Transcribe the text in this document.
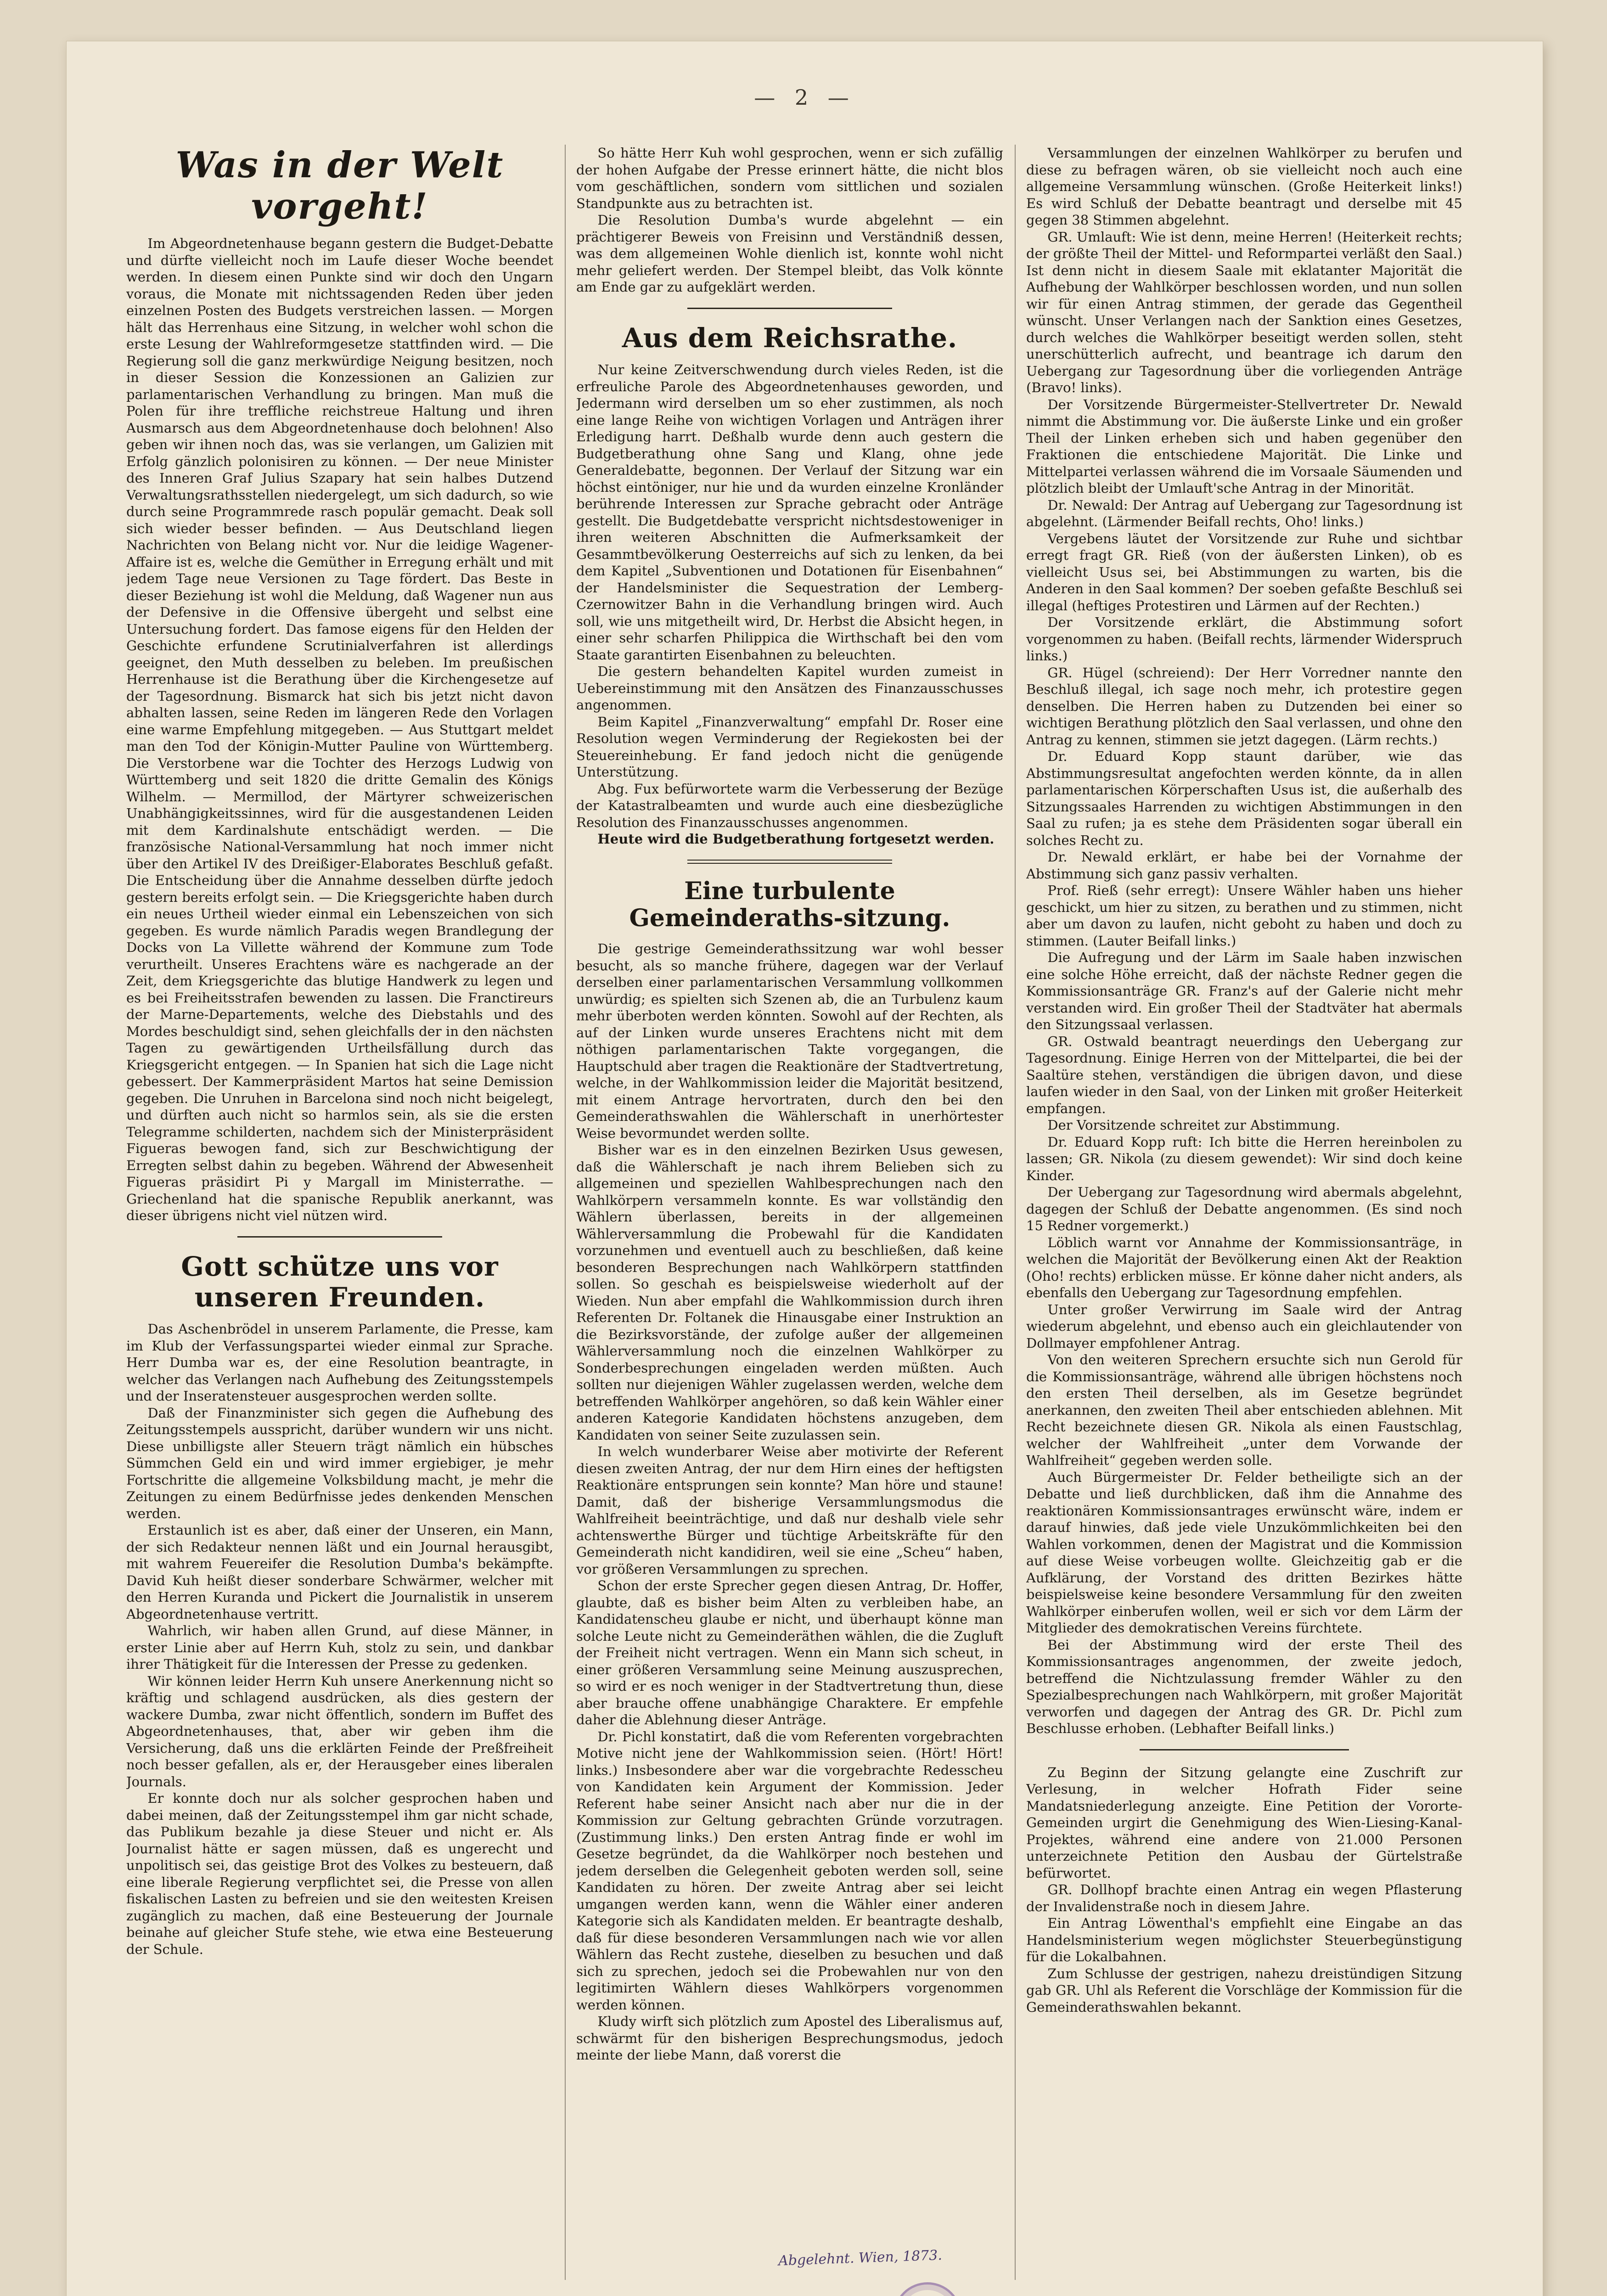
— 2 —
Was in der Welt vorgeht!

Im Abgeordnetenhause begann gestern die Budget-Debatte und dürfte vielleicht noch im Laufe dieser Woche beendet werden. In diesem einen Punkte sind wir doch den Ungarn voraus, die Monate mit nichtssagenden Reden über jeden einzelnen Posten des Budgets verstreichen lassen. — Morgen hält das Herrenhaus eine Sitzung, in welcher wohl schon die erste Lesung der Wahlreformgesetze stattfinden wird. — Die Regierung soll die ganz merkwürdige Neigung besitzen, noch in dieser Session die Konzessionen an Galizien zur parlamentarischen Verhandlung zu bringen. Man muß die Polen für ihre treffliche reichstreue Haltung und ihren Ausmarsch aus dem Abgeordnetenhause doch belohnen! Also geben wir ihnen noch das, was sie verlangen, um Galizien mit Erfolg gänzlich polonisiren zu können. — Der neue Minister des Inneren Graf Julius Szapary hat sein halbes Dutzend Verwaltungsrathsstellen niedergelegt, um sich dadurch, so wie durch seine Programmrede rasch populär gemacht. Deak soll sich wieder besser befinden. — Aus Deutschland liegen Nachrichten von Belang nicht vor. Nur die leidige Wagener-Affaire ist es, welche die Gemüther in Erregung erhält und mit jedem Tage neue Versionen zu Tage fördert. Das Beste in dieser Beziehung ist wohl die Meldung, daß Wagener nun aus der Defensive in die Offensive übergeht und selbst eine Untersuchung fordert. Das famose eigens für den Helden der Geschichte erfundene Scrutinialverfahren ist allerdings geeignet, den Muth desselben zu beleben. Im preußischen Herrenhause ist die Berathung über die Kirchengesetze auf der Tagesordnung. Bismarck hat sich bis jetzt nicht davon abhalten lassen, seine Reden im längeren Rede den Vorlagen eine warme Empfehlung mitgegeben. — Aus Stuttgart meldet man den Tod der Königin-Mutter Pauline von Württemberg. Die Verstorbene war die Tochter des Herzogs Ludwig von Württemberg und seit 1820 die dritte Gemalin des Königs Wilhelm. — Mermillod, der Märtyrer schweizerischen Unabhängigkeitssinnes, wird für die ausgestandenen Leiden mit dem Kardinalshute entschädigt werden. — Die französische National-Versammlung hat noch immer nicht über den Artikel IV des Dreißiger-Elaborates Beschluß gefaßt. Die Entscheidung über die Annahme desselben dürfte jedoch gestern bereits erfolgt sein. — Die Kriegsgerichte haben durch ein neues Urtheil wieder einmal ein Lebenszeichen von sich gegeben. Es wurde nämlich Paradis wegen Brandlegung der Docks von La Villette während der Kommune zum Tode verurtheilt. Unseres Erachtens wäre es nachgerade an der Zeit, dem Kriegsgerichte das blutige Handwerk zu legen und es bei Freiheitsstrafen bewenden zu lassen. Die Franctireurs der Marne-Departements, welche des Diebstahls und des Mordes beschuldigt sind, sehen gleichfalls der in den nächsten Tagen zu gewärtigenden Urtheilsfällung durch das Kriegsgericht entgegen. — In Spanien hat sich die Lage nicht gebessert. Der Kammerpräsident Martos hat seine Demission gegeben. Die Unruhen in Barcelona sind noch nicht beigelegt, und dürften auch nicht so harmlos sein, als sie die ersten Telegramme schilderten, nachdem sich der Ministerpräsident Figueras bewogen fand, sich zur Beschwichtigung der Erregten selbst dahin zu begeben. Während der Abwesenheit Figueras präsidirt Pi y Margall im Ministerrathe. — Griechenland hat die spanische Republik anerkannt, was dieser übrigens nicht viel nützen wird.

Gott schütze uns vor unseren Freunden.

Das Aschenbrödel in unserem Parlamente, die Presse, kam im Klub der Verfassungspartei wieder einmal zur Sprache. Herr Dumba war es, der eine Resolution beantragte, in welcher das Verlangen nach Aufhebung des Zeitungsstempels und der Inseratensteuer ausgesprochen werden sollte.

Daß der Finanzminister sich gegen die Aufhebung des Zeitungsstempels ausspricht, darüber wundern wir uns nicht. Diese unbilligste aller Steuern trägt nämlich ein hübsches Sümmchen Geld ein und wird immer ergiebiger, je mehr Fortschritte die allgemeine Volksbildung macht, je mehr die Zeitungen zu einem Bedürfnisse jedes denkenden Menschen werden.

Erstaunlich ist es aber, daß einer der Unseren, ein Mann, der sich Redakteur nennen läßt und ein Journal herausgibt, mit wahrem Feuereifer die Resolution Dumba's bekämpfte. David Kuh heißt dieser sonderbare Schwärmer, welcher mit den Herren Kuranda und Pickert die Journalistik in unserem Abgeordnetenhause vertritt.

Wahrlich, wir haben allen Grund, auf diese Männer, in erster Linie aber auf Herrn Kuh, stolz zu sein, und dankbar ihrer Thätigkeit für die Interessen der Presse zu gedenken.

Wir können leider Herrn Kuh unsere Anerkennung nicht so kräftig und schlagend ausdrücken, als dies gestern der wackere Dumba, zwar nicht öffentlich, sondern im Buffet des Abgeordnetenhauses, that, aber wir geben ihm die Versicherung, daß uns die erklärten Feinde der Preßfreiheit noch besser gefallen, als er, der Herausgeber eines liberalen Journals.

Er konnte doch nur als solcher gesprochen haben und dabei meinen, daß der Zeitungsstempel ihm gar nicht schade, das Publikum bezahle ja diese Steuer und nicht er. Als Journalist hätte er sagen müssen, daß es ungerecht und unpolitisch sei, das geistige Brot des Volkes zu besteuern, daß eine liberale Regierung verpflichtet sei, die Presse von allen fiskalischen Lasten zu befreien und sie den weitesten Kreisen zugänglich zu machen, daß eine Besteuerung der Journale beinahe auf gleicher Stufe stehe, wie etwa eine Besteuerung der Schule.

So hätte Herr Kuh wohl gesprochen, wenn er sich zufällig der hohen Aufgabe der Presse erinnert hätte, die nicht blos vom geschäftlichen, sondern vom sittlichen und sozialen Standpunkte aus zu betrachten ist.

Die Resolution Dumba's wurde abgelehnt — ein prächtigerer Beweis von Freisinn und Verständniß dessen, was dem allgemeinen Wohle dienlich ist, konnte wohl nicht mehr geliefert werden. Der Stempel bleibt, das Volk könnte am Ende gar zu aufgeklärt werden.

Aus dem Reichsrathe.

Nur keine Zeitverschwendung durch vieles Reden, ist die erfreuliche Parole des Abgeordnetenhauses geworden, und Jedermann wird derselben um so eher zustimmen, als noch eine lange Reihe von wichtigen Vorlagen und Anträgen ihrer Erledigung harrt. Deßhalb wurde denn auch gestern die Budgetberathung ohne Sang und Klang, ohne jede Generaldebatte, begonnen. Der Verlauf der Sitzung war ein höchst eintöniger, nur hie und da wurden einzelne Kronländer berührende Interessen zur Sprache gebracht oder Anträge gestellt. Die Budgetdebatte verspricht nichtsdestoweniger in ihren weiteren Abschnitten die Aufmerksamkeit der Gesammtbevölkerung Oesterreichs auf sich zu lenken, da bei dem Kapitel „Subventionen und Dotationen für Eisenbahnen“ der Handelsminister die Sequestration der Lemberg-Czernowitzer Bahn in die Verhandlung bringen wird. Auch soll, wie uns mitgetheilt wird, Dr. Herbst die Absicht hegen, in einer sehr scharfen Philippica die Wirthschaft bei den vom Staate garantirten Eisenbahnen zu beleuchten.

Die gestern behandelten Kapitel wurden zumeist in Uebereinstimmung mit den Ansätzen des Finanzausschusses angenommen.

Beim Kapitel „Finanzverwaltung“ empfahl Dr. Roser eine Resolution wegen Verminderung der Regiekosten bei der Steuereinhebung. Er fand jedoch nicht die genügende Unterstützung.

Abg. Fux befürwortete warm die Verbesserung der Bezüge der Katastralbeamten und wurde auch eine diesbezügliche Resolution des Finanzausschusses angenommen.

Heute wird die Budgetberathung fortgesetzt werden.

Eine turbulente Gemeinderaths-sitzung.

Die gestrige Gemeinderathssitzung war wohl besser besucht, als so manche frühere, dagegen war der Verlauf derselben einer parlamentarischen Versammlung vollkommen unwürdig; es spielten sich Szenen ab, die an Turbulenz kaum mehr überboten werden könnten. Sowohl auf der Rechten, als auf der Linken wurde unseres Erachtens nicht mit dem nöthigen parlamentarischen Takte vorgegangen, die Hauptschuld aber tragen die Reaktionäre der Stadtvertretung, welche, in der Wahlkommission leider die Majorität besitzend, mit einem Antrage hervortraten, durch den bei den Gemeinderathswahlen die Wählerschaft in unerhörtester Weise bevormundet werden sollte.

Bisher war es in den einzelnen Bezirken Usus gewesen, daß die Wählerschaft je nach ihrem Belieben sich zu allgemeinen und speziellen Wahlbesprechungen nach den Wahlkörpern versammeln konnte. Es war vollständig den Wählern überlassen, bereits in der allgemeinen Wählerversammlung die Probewahl für die Kandidaten vorzunehmen und eventuell auch zu beschließen, daß keine besonderen Besprechungen nach Wahlkörpern stattfinden sollen. So geschah es beispielsweise wiederholt auf der Wieden. Nun aber empfahl die Wahlkommission durch ihren Referenten Dr. Foltanek die Hinausgabe einer Instruktion an die Bezirksvorstände, der zufolge außer der allgemeinen Wählerversammlung noch die einzelnen Wahlkörper zu Sonderbesprechungen eingeladen werden müßten. Auch sollten nur diejenigen Wähler zugelassen werden, welche dem betreffenden Wahlkörper angehören, so daß kein Wähler einer anderen Kategorie Kandidaten höchstens anzugeben, dem Kandidaten von seiner Seite zuzulassen sein.

In welch wunderbarer Weise aber motivirte der Referent diesen zweiten Antrag, der nur dem Hirn eines der heftigsten Reaktionäre entsprungen sein konnte? Man höre und staune! Damit, daß der bisherige Versammlungsmodus die Wahlfreiheit beeinträchtige, und daß nur deshalb viele sehr achtenswerthe Bürger und tüchtige Arbeitskräfte für den Gemeinderath nicht kandidiren, weil sie eine „Scheu“ haben, vor größeren Versammlungen zu sprechen.

Schon der erste Sprecher gegen diesen Antrag, Dr. Hoffer, glaubte, daß es bisher beim Alten zu verbleiben habe, an Kandidatenscheu glaube er nicht, und überhaupt könne man solche Leute nicht zu Gemeinderäthen wählen, die die Zugluft der Freiheit nicht vertragen. Wenn ein Mann sich scheut, in einer größeren Versammlung seine Meinung auszusprechen, so wird er es noch weniger in der Stadtvertretung thun, diese aber brauche offene unabhängige Charaktere. Er empfehle daher die Ablehnung dieser Anträge.

Dr. Pichl konstatirt, daß die vom Referenten vorgebrachten Motive nicht jene der Wahlkommission seien. (Hört! Hört! links.) Insbesondere aber war die vorgebrachte Redesscheu von Kandidaten kein Argument der Kommission. Jeder Referent habe seiner Ansicht nach aber nur die in der Kommission zur Geltung gebrachten Gründe vorzutragen. (Zustimmung links.) Den ersten Antrag finde er wohl im Gesetze begründet, da die Wahlkörper noch bestehen und jedem derselben die Gelegenheit geboten werden soll, seine Kandidaten zu hören. Der zweite Antrag aber sei leicht umgangen werden kann, wenn die Wähler einer anderen Kategorie sich als Kandidaten melden. Er beantragte deshalb, daß für diese besonderen Versammlungen nach wie vor allen Wählern das Recht zustehe, dieselben zu besuchen und daß sich zu sprechen, jedoch sei die Probewahlen nur von den legitimirten Wählern dieses Wahlkörpers vorgenommen werden können.

Kludy wirft sich plötzlich zum Apostel des Liberalismus auf, schwärmt für den bisherigen Besprechungsmodus, jedoch meinte der liebe Mann, daß vorerst die

Versammlungen der einzelnen Wahlkörper zu berufen und diese zu befragen wären, ob sie vielleicht noch auch eine allgemeine Versammlung wünschen. (Große Heiterkeit links!) Es wird Schluß der Debatte beantragt und derselbe mit 45 gegen 38 Stimmen abgelehnt.

GR. Umlauft: Wie ist denn, meine Herren! (Heiterkeit rechts; der größte Theil der Mittel- und Reformpartei verläßt den Saal.) Ist denn nicht in diesem Saale mit eklatanter Majorität die Aufhebung der Wahlkörper beschlossen worden, und nun sollen wir für einen Antrag stimmen, der gerade das Gegentheil wünscht. Unser Verlangen nach der Sanktion eines Gesetzes, durch welches die Wahlkörper beseitigt werden sollen, steht unerschütterlich aufrecht, und beantrage ich darum den Uebergang zur Tagesordnung über die vorliegenden Anträge (Bravo! links).

Der Vorsitzende Bürgermeister-Stellvertreter Dr. Newald nimmt die Abstimmung vor. Die äußerste Linke und ein großer Theil der Linken erheben sich und haben gegenüber den Fraktionen die entschiedene Majorität. Die Linke und Mittelpartei verlassen während die im Vorsaale Säumenden und plötzlich bleibt der Umlauft'sche Antrag in der Minorität.

Dr. Newald: Der Antrag auf Uebergang zur Tagesordnung ist abgelehnt. (Lärmender Beifall rechts, Oho! links.)

Vergebens läutet der Vorsitzende zur Ruhe und sichtbar erregt fragt GR. Rieß (von der äußersten Linken), ob es vielleicht Usus sei, bei Abstimmungen zu warten, bis die Anderen in den Saal kommen? Der soeben gefaßte Beschluß sei illegal (heftiges Protestiren und Lärmen auf der Rechten.)

Der Vorsitzende erklärt, die Abstimmung sofort vorgenommen zu haben. (Beifall rechts, lärmender Widerspruch links.)

GR. Hügel (schreiend): Der Herr Vorredner nannte den Beschluß illegal, ich sage noch mehr, ich protestire gegen denselben. Die Herren haben zu Dutzenden bei einer so wichtigen Berathung plötzlich den Saal verlassen, und ohne den Antrag zu kennen, stimmen sie jetzt dagegen. (Lärm rechts.)

Dr. Eduard Kopp staunt darüber, wie das Abstimmungsresultat angefochten werden könnte, da in allen parlamentarischen Körperschaften Usus ist, die außerhalb des Sitzungssaales Harrenden zu wichtigen Abstimmungen in den Saal zu rufen; ja es stehe dem Präsidenten sogar überall ein solches Recht zu.

Dr. Newald erklärt, er habe bei der Vornahme der Abstimmung sich ganz passiv verhalten.

Prof. Rieß (sehr erregt): Unsere Wähler haben uns hieher geschickt, um hier zu sitzen, zu berathen und zu stimmen, nicht aber um davon zu laufen, nicht geboht zu haben und doch zu stimmen. (Lauter Beifall links.)

Die Aufregung und der Lärm im Saale haben inzwischen eine solche Höhe erreicht, daß der nächste Redner gegen die Kommissionsanträge GR. Franz's auf der Galerie nicht mehr verstanden wird. Ein großer Theil der Stadtväter hat abermals den Sitzungssaal verlassen.

GR. Ostwald beantragt neuerdings den Uebergang zur Tagesordnung. Einige Herren von der Mittelpartei, die bei der Saaltüre stehen, verständigen die übrigen davon, und diese laufen wieder in den Saal, von der Linken mit großer Heiterkeit empfangen.

Der Vorsitzende schreitet zur Abstimmung.

Dr. Eduard Kopp ruft: Ich bitte die Herren hereinbolen zu lassen; GR. Nikola (zu diesem gewendet): Wir sind doch keine Kinder.

Der Uebergang zur Tagesordnung wird abermals abgelehnt, dagegen der Schluß der Debatte angenommen. (Es sind noch 15 Redner vorgemerkt.)

Löblich warnt vor Annahme der Kommissionsanträge, in welchen die Majorität der Bevölkerung einen Akt der Reaktion (Oho! rechts) erblicken müsse. Er könne daher nicht anders, als ebenfalls den Uebergang zur Tagesordnung empfehlen.

Unter großer Verwirrung im Saale wird der Antrag wiederum abgelehnt, und ebenso auch ein gleichlautender von Dollmayer empfohlener Antrag.

Von den weiteren Sprechern ersuchte sich nun Gerold für die Kommissionsanträge, während alle übrigen höchstens noch den ersten Theil derselben, als im Gesetze begründet anerkannen, den zweiten Theil aber entschieden ablehnen. Mit Recht bezeichnete diesen GR. Nikola als einen Faustschlag, welcher der Wahlfreiheit „unter dem Vorwande der Wahlfreiheit“ gegeben werden solle.

Auch Bürgermeister Dr. Felder betheiligte sich an der Debatte und ließ durchblicken, daß ihm die Annahme des reaktionären Kommissionsantrages erwünscht wäre, indem er darauf hinwies, daß jede viele Unzukömmlichkeiten bei den Wahlen vorkommen, denen der Magistrat und die Kommission auf diese Weise vorbeugen wollte. Gleichzeitig gab er die Aufklärung, der Vorstand des dritten Bezirkes hätte beispielsweise keine besondere Versammlung für den zweiten Wahlkörper einberufen wollen, weil er sich vor dem Lärm der Mitglieder des demokratischen Vereins fürchtete.

Bei der Abstimmung wird der erste Theil des Kommissionsantrages angenommen, der zweite jedoch, betreffend die Nichtzulassung fremder Wähler zu den Spezialbesprechungen nach Wahlkörpern, mit großer Majorität verworfen und dagegen der Antrag des GR. Dr. Pichl zum Beschlusse erhoben. (Lebhafter Beifall links.)

Zu Beginn der Sitzung gelangte eine Zuschrift zur Verlesung, in welcher Hofrath Fider seine Mandatsniederlegung anzeigte. Eine Petition der Vororte-Gemeinden urgirt die Genehmigung des Wien-Liesing-Kanal-Projektes, während eine andere von 21.000 Personen unterzeichnete Petition den Ausbau der Gürtelstraße befürwortet.

GR. Dollhopf brachte einen Antrag ein wegen Pflasterung der Invalidenstraße noch in diesem Jahre.

Ein Antrag Löwenthal's empfiehlt eine Eingabe an das Handelsministerium wegen möglichster Steuerbegünstigung für die Lokalbahnen.

Zum Schlusse der gestrigen, nahezu dreistündigen Sitzung gab GR. Uhl als Referent die Vorschläge der Kommission für die Gemeinderathswahlen bekannt.

Abgelehnt. Wien, 1873.
